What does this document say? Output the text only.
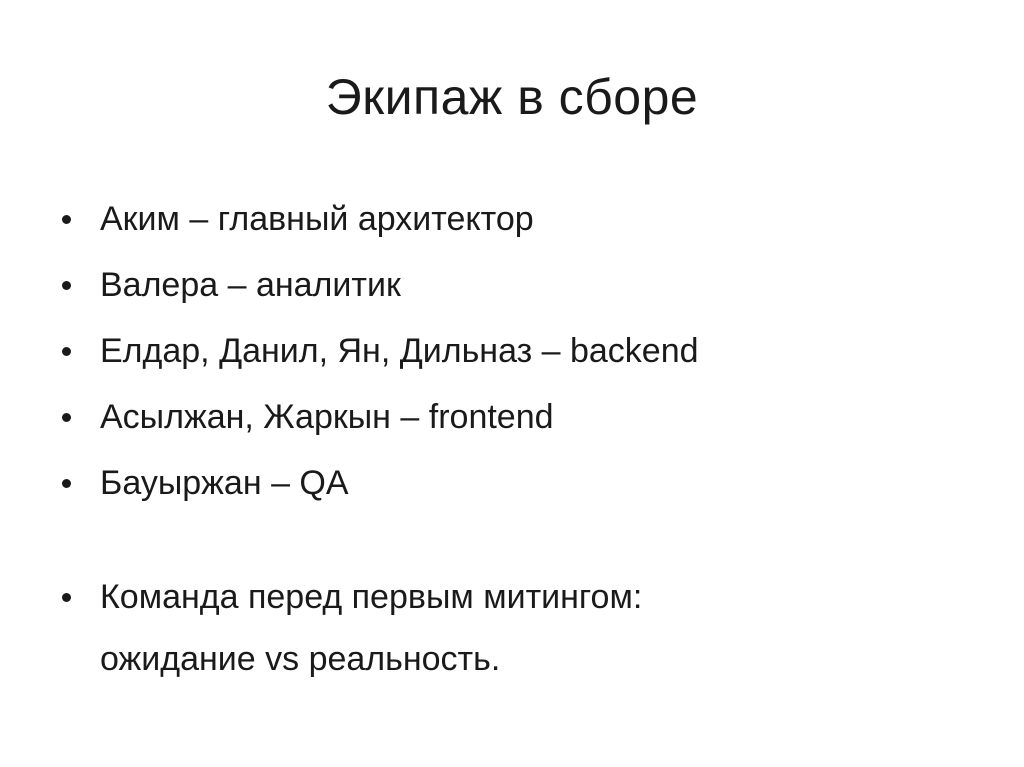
Экипаж в сборе
Аким – главный архитектор
Валера – аналитик
Елдар, Данил, Ян, Дильназ – backend
Асылжан, Жаркын – frontend
Бауыржан – QA
Команда перед первым митингом:
ожидание vs реальность.
